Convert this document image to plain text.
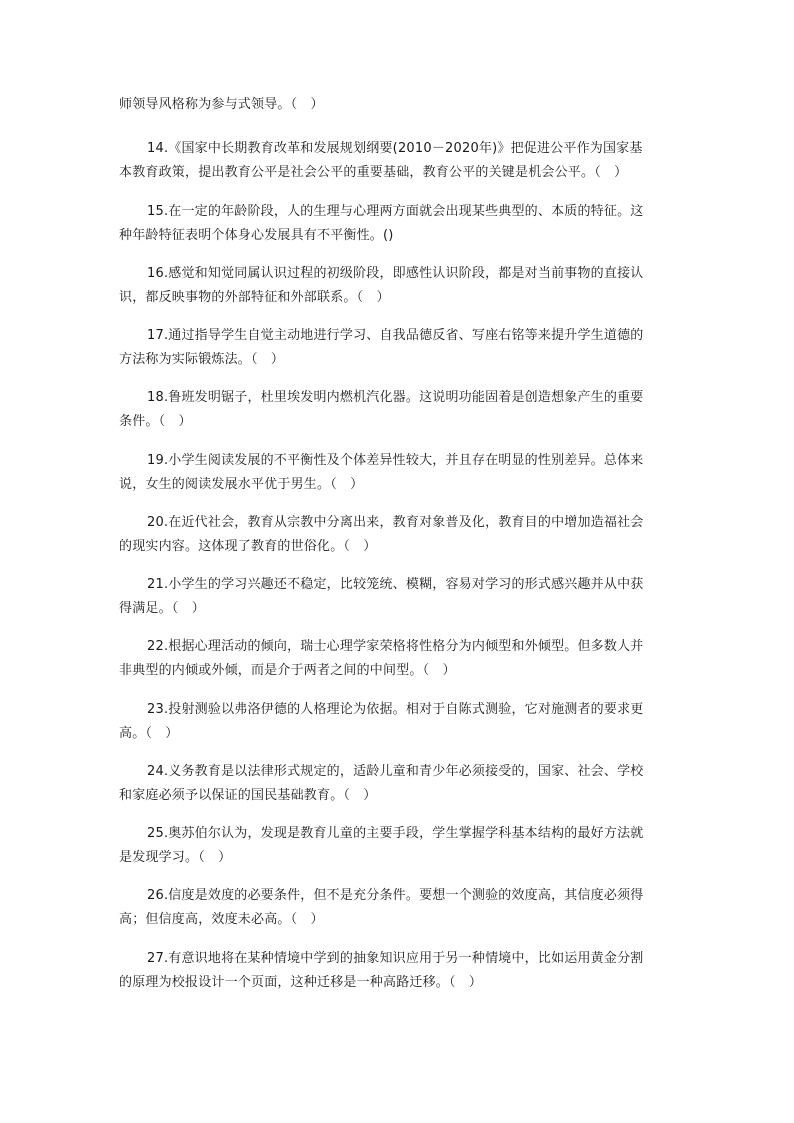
师领导风格称为参与式领导。（　）

14.《国家中长期教育改革和发展规划纲要(2010－2020年)》把促进公平作为国家基
本教育政策，提出教育公平是社会公平的重要基础，教育公平的关键是机会公平。（　）

15.在一定的年龄阶段，人的生理与心理两方面就会出现某些典型的、本质的特征。这
种年龄特征表明个体身心发展具有不平衡性。()

16.感觉和知觉同属认识过程的初级阶段，即感性认识阶段，都是对当前事物的直接认
识，都反映事物的外部特征和外部联系。（　）

17.通过指导学生自觉主动地进行学习、自我品德反省、写座右铭等来提升学生道德的
方法称为实际锻炼法。（　）

18.鲁班发明锯子，杜里埃发明内燃机汽化器。这说明功能固着是创造想象产生的重要
条件。（　）

19.小学生阅读发展的不平衡性及个体差异性较大，并且存在明显的性别差异。总体来
说，女生的阅读发展水平优于男生。（　）

20.在近代社会，教育从宗教中分离出来，教育对象普及化，教育目的中增加造福社会
的现实内容。这体现了教育的世俗化。（　）

21.小学生的学习兴趣还不稳定，比较笼统、模糊，容易对学习的形式感兴趣并从中获
得满足。（　）

22.根据心理活动的倾向，瑞士心理学家荣格将性格分为内倾型和外倾型。但多数人并
非典型的内倾或外倾，而是介于两者之间的中间型。（　）

23.投射测验以弗洛伊德的人格理论为依据。相对于自陈式测验，它对施测者的要求更
高。（　）

24.义务教育是以法律形式规定的，适龄儿童和青少年必须接受的，国家、社会、学校
和家庭必须予以保证的国民基础教育。（　）

25.奥苏伯尔认为，发现是教育儿童的主要手段，学生掌握学科基本结构的最好方法就
是发现学习。（　）

26.信度是效度的必要条件，但不是充分条件。要想一个测验的效度高，其信度必须得
高；但信度高，效度未必高。（　）

27.有意识地将在某种情境中学到的抽象知识应用于另一种情境中，比如运用黄金分割
的原理为校报设计一个页面，这种迁移是一种高路迁移。（　）
